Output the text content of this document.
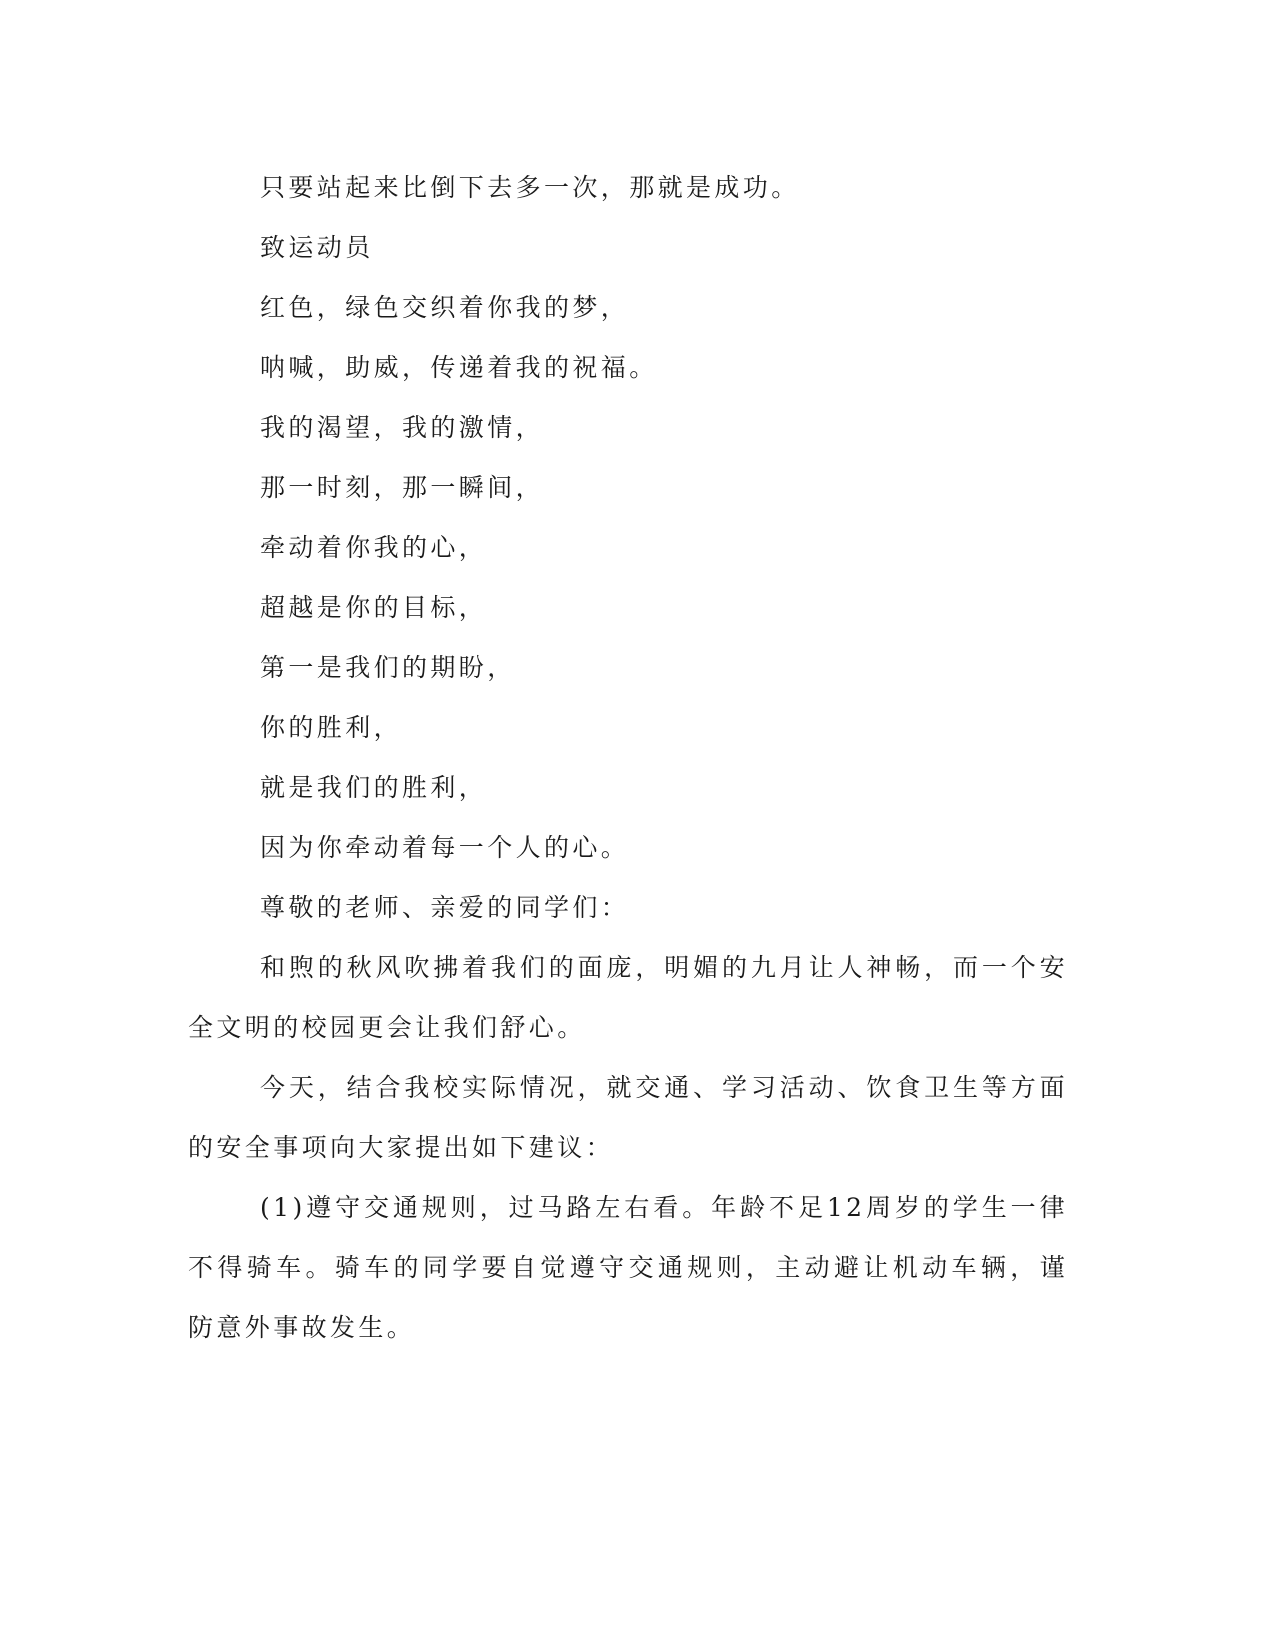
只要站起来比倒下去多一次，那就是成功。

致运动员

红色，绿色交织着你我的梦，

呐喊，助威，传递着我的祝福。

我的渴望，我的激情，

那一时刻，那一瞬间，

牵动着你我的心，

超越是你的目标，

第一是我们的期盼，

你的胜利，

就是我们的胜利，

因为你牵动着每一个人的心。

尊敬的老师、亲爱的同学们：

和煦的秋风吹拂着我们的面庞，明媚的九月让人神畅，而一个安全文明的校园更会让我们舒心。

今天，结合我校实际情况，就交通、学习活动、饮食卫生等方面的安全事项向大家提出如下建议：

(1)遵守交通规则，过马路左右看。年龄不足12周岁的学生一律不得骑车。骑车的同学要自觉遵守交通规则，主动避让机动车辆，谨防意外事故发生。
